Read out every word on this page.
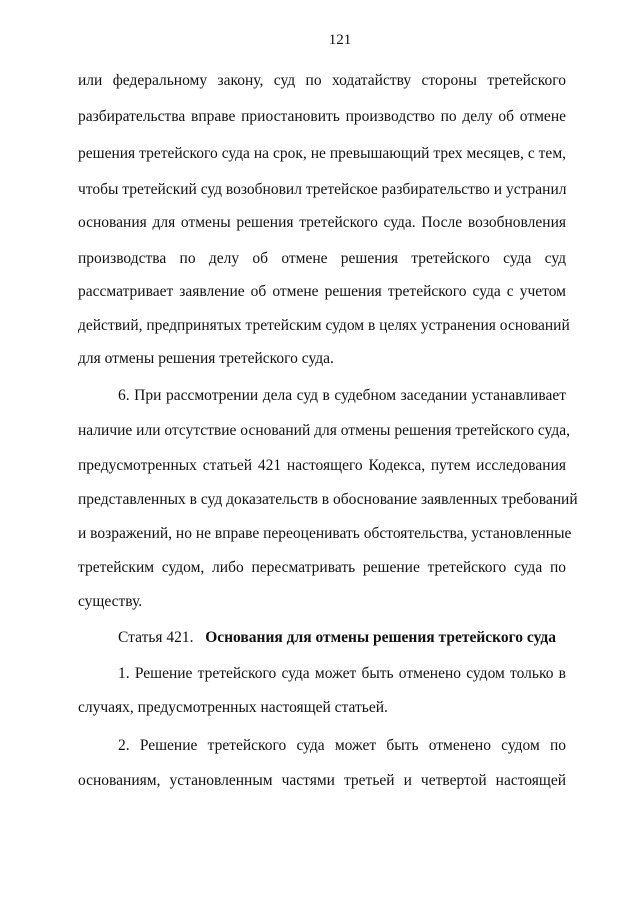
121
или федеральному закону, суд по ходатайству стороны третейского
разбирательства вправе приостановить производство по делу об отмене
решения третейского суда на срок, не превышающий трех месяцев, с тем,
чтобы третейский суд возобновил третейское разбирательство и устранил
основания для отмены решения третейского суда. После возобновления
производства по делу об отмене решения третейского суда суд
рассматривает заявление об отмене решения третейского суда с учетом
действий, предпринятых третейским судом в целях устранения оснований
для отмены решения третейского суда.
6. При рассмотрении дела суд в судебном заседании устанавливает
наличие или отсутствие оснований для отмены решения третейского суда,
предусмотренных статьей 421 настоящего Кодекса, путем исследования
представленных в суд доказательств в обоснование заявленных требований
и возражений, но не вправе переоценивать обстоятельства, установленные
третейским судом, либо пересматривать решение третейского суда по
существу.
Статья 421. Основания для отмены решения третейского суда
1. Решение третейского суда может быть отменено судом только в
случаях, предусмотренных настоящей статьей.
2. Решение третейского суда может быть отменено судом по
основаниям, установленным частями третьей и четвертой настоящей
